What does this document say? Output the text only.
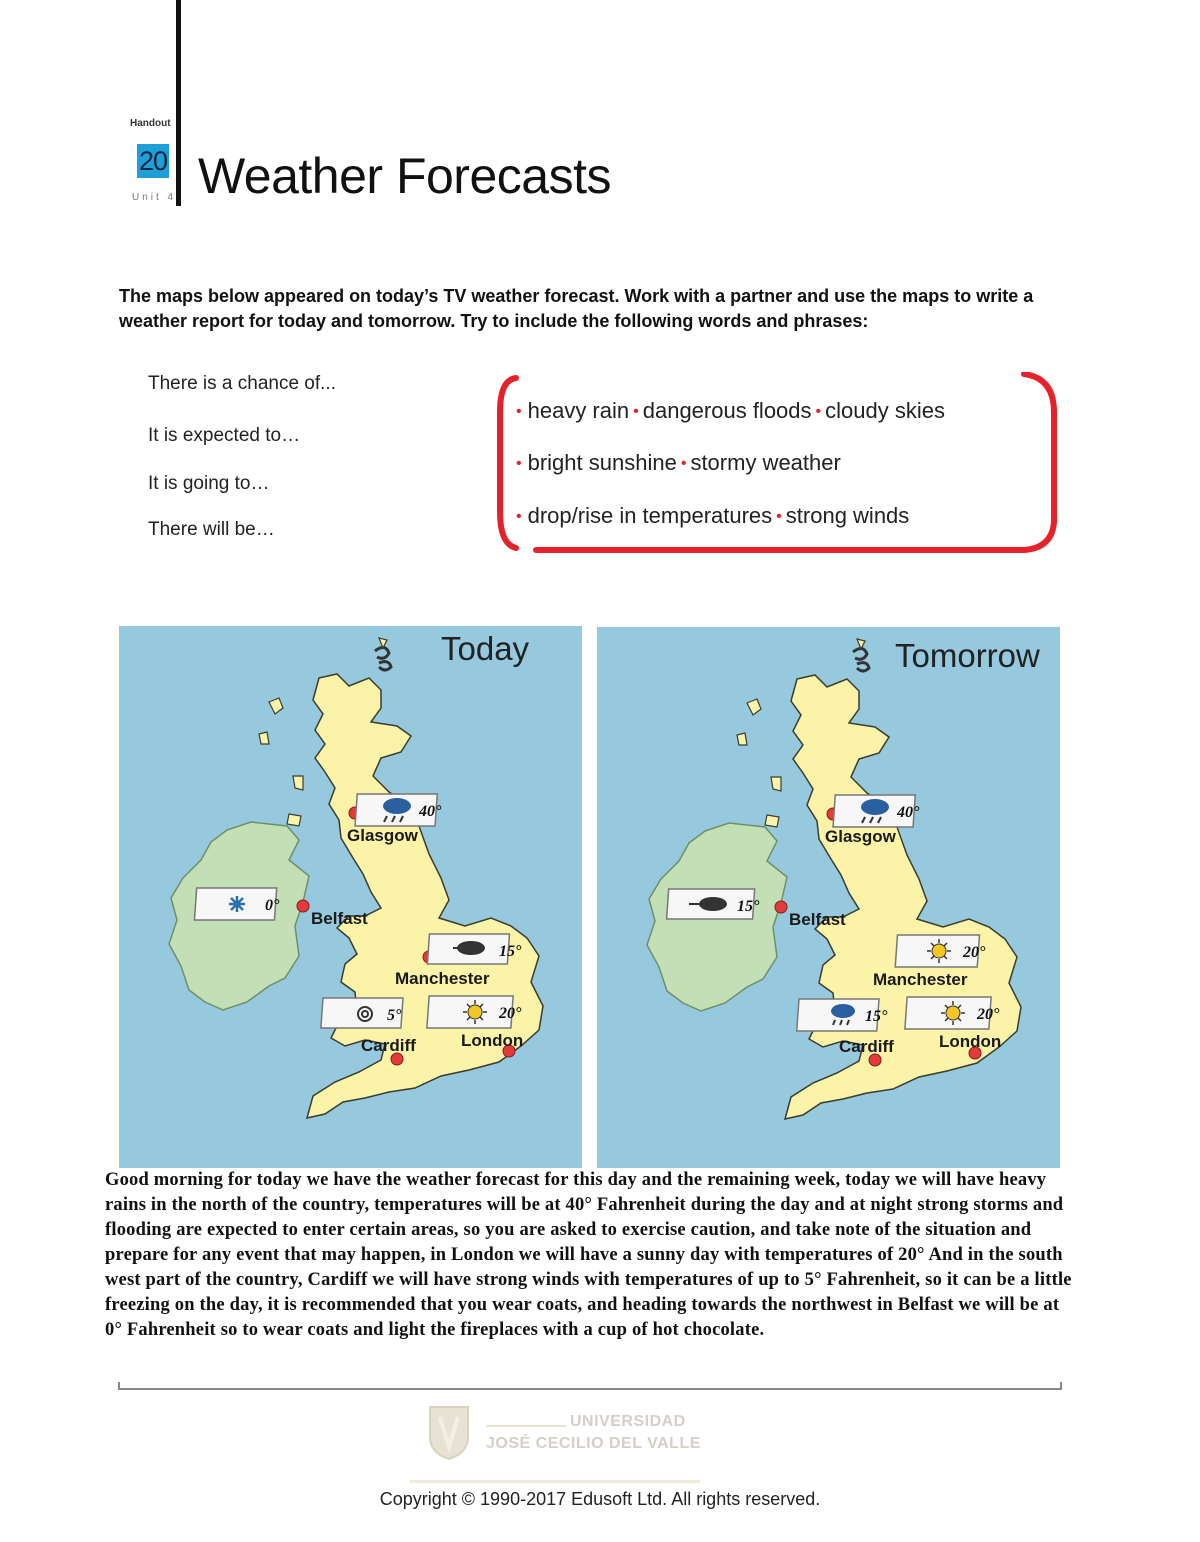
Handout
20
Unit 4 Weather Forecasts
The maps below appeared on today’s TV weather forecast. Work with a partner and use the maps to write a weather report for today and tomorrow. Try to include the following words and phrases:
There is a chance of...
It is expected to…
It is going to…
There will be…
• heavy rain • dangerous floods • cloudy skies
• bright sunshine • stormy weather
• drop/rise in temperatures • strong winds
Glasgow
40°
Belfast
0°
Manchester
15°
Cardiff
5°
London
20°
Today
Glasgow
40°
Belfast
15°
Manchester
20°
Cardiff
15°
London
20°
Tomorrow
Good morning for today we have the weather forecast for this day and the remaining week, today we will have heavy rains in the north of the country, temperatures will be at 40° Fahrenheit during the day and at night strong storms and flooding are expected to enter certain areas, so you are asked to exercise caution, and take note of the situation and prepare for any event that may happen, in London we will have a sunny day with temperatures of 20° And in the south west part of the country, Cardiff we will have strong winds with temperatures of up to 5° Fahrenheit, so it can be a little freezing on the day, it is recommended that you wear coats, and heading towards the northwest in Belfast we will be at 0° Fahrenheit so to wear coats and light the fireplaces with a cup of hot chocolate.
UNIVERSIDAD
JOSÉ CECILIO DEL VALLE
Copyright © 1990-2017 Edusoft Ltd. All rights reserved.
